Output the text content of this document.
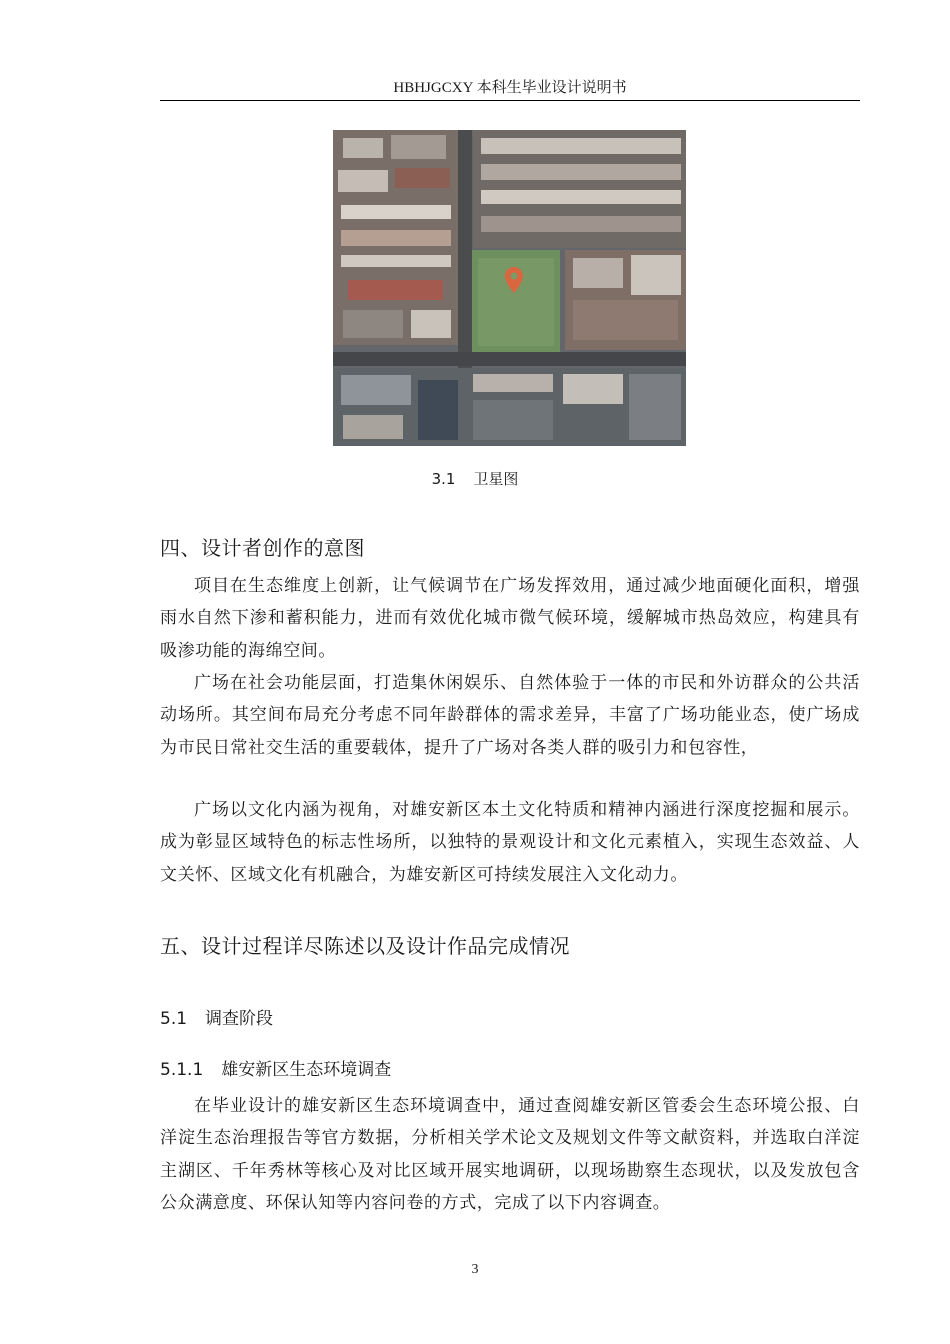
HBHJGCXY 本科生毕业设计说明书
3.1 卫星图
四、设计者创作的意图
项目在生态维度上创新，让气候调节在广场发挥效用，通过减少地面硬化面积，增强雨水自然下渗和蓄积能力，进而有效优化城市微气候环境，缓解城市热岛效应，构建具有吸渗功能的海绵空间。
广场在社会功能层面，打造集休闲娱乐、自然体验于一体的市民和外访群众的公共活动场所。其空间布局充分考虑不同年龄群体的需求差异，丰富了广场功能业态，使广场成为市民日常社交生活的重要载体，提升了广场对各类人群的吸引力和包容性，
广场以文化内涵为视角，对雄安新区本土文化特质和精神内涵进行深度挖掘和展示。成为彰显区域特色的标志性场所，以独特的景观设计和文化元素植入，实现生态效益、人文关怀、区域文化有机融合，为雄安新区可持续发展注入文化动力。
五、设计过程详尽陈述以及设计作品完成情况
5.1 调查阶段
5.1.1 雄安新区生态环境调查
在毕业设计的雄安新区生态环境调查中，通过查阅雄安新区管委会生态环境公报、白洋淀生态治理报告等官方数据，分析相关学术论文及规划文件等文献资料，并选取白洋淀主湖区、千年秀林等核心及对比区域开展实地调研，以现场勘察生态现状，以及发放包含公众满意度、环保认知等内容问卷的方式，完成了以下内容调查。
3
